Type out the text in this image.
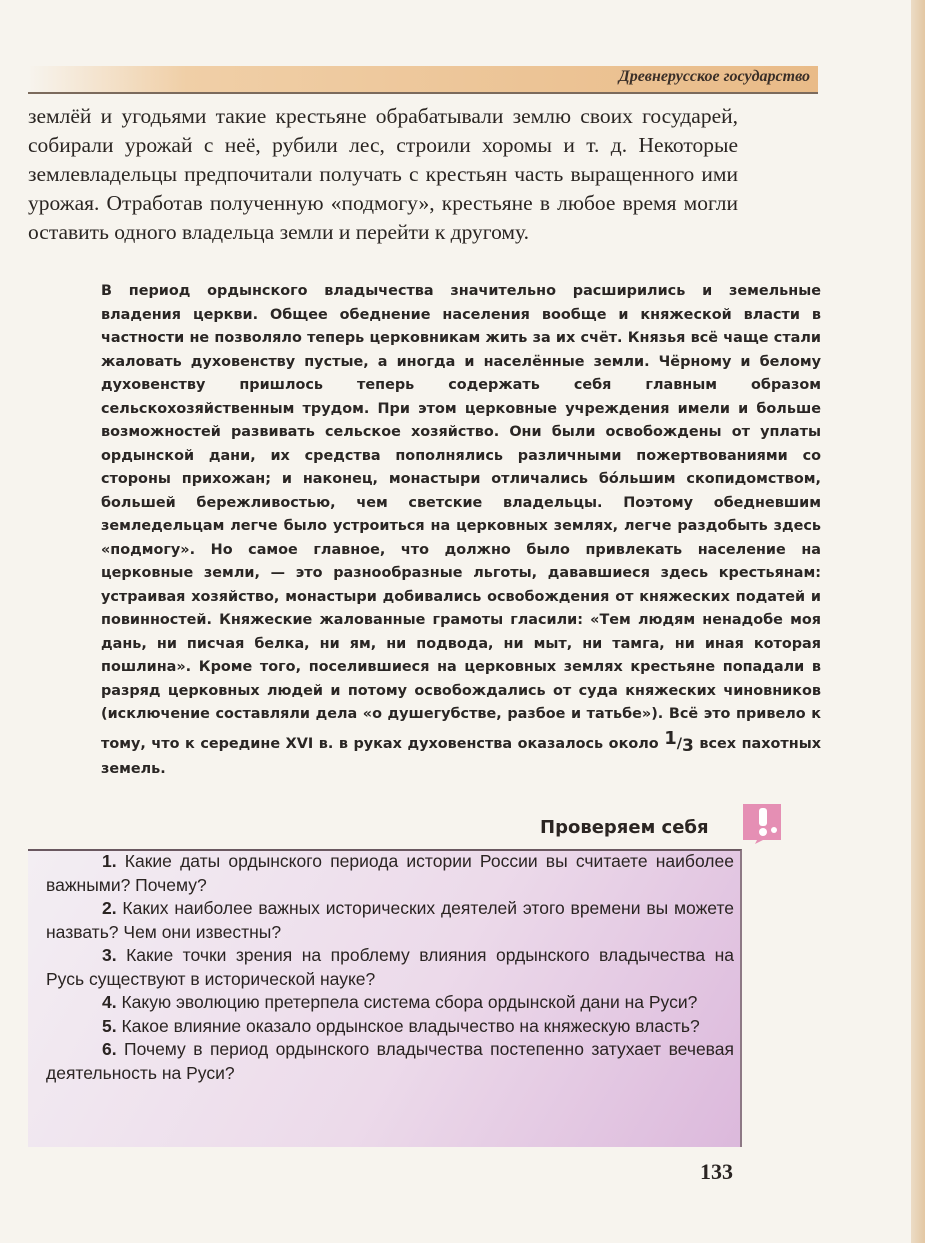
Древнерусское государство

землёй и угодьями такие крестьяне обрабатывали землю своих государей, собирали урожай с неё, рубили лес, строили хоромы и т. д. Некоторые землевладельцы предпочитали получать с крестьян часть выращенного ими урожая. Отработав полученную «подмогу», крестьяне в любое время могли оставить одного владельца земли и перейти к другому.

В период ордынского владычества значительно расширились и земельные владения церкви. Общее обеднение населения вообще и княжеской власти в частности не позволяло теперь церковникам жить за их счёт. Князья всё чаще стали жаловать духовенству пустые, а иногда и населённые земли. Чёрному и белому духовенству пришлось теперь содержать себя главным образом сельскохозяйственным трудом. При этом церковные учреждения имели и больше возможностей развивать сельское хозяйство. Они были освобождены от уплаты ордынской дани, их средства пополнялись различными пожертвованиями со стороны прихожан; и наконец, монастыри отличались бо́льшим скопидомством, большей бережливостью, чем светские владельцы. Поэтому обедневшим земледельцам легче было устроиться на церковных землях, легче раздобыть здесь «подмогу». Но самое главное, что должно было привлекать население на церковные земли, — это разнообразные льготы, дававшиеся здесь крестьянам: устраивая хозяйство, монастыри добивались освобождения от княжеских податей и повинностей. Княжеские жалованные грамоты гласили: «Тем людям ненадобе моя дань, ни писчая белка, ни ям, ни подвода, ни мыт, ни тамга, ни иная которая пошлина». Кроме того, поселившиеся на церковных землях крестьяне попадали в разряд церковных людей и потому освобождались от суда княжеских чиновников (исключение составляли дела «о душегубстве, разбое и татьбе»). Всё это привело к тому, что к середине XVI в. в руках духовенства оказалось около 1/3 всех пахотных земель.

Проверяем себя

1. Какие даты ордынского периода истории России вы считаете наиболее важными? Почему?

2. Каких наиболее важных исторических деятелей этого времени вы можете назвать? Чем они известны?

3. Какие точки зрения на проблему влияния ордынского владычества на Русь существуют в исторической науке?

4. Какую эволюцию претерпела система сбора ордынской дани на Руси?

5. Какое влияние оказало ордынское владычество на княжескую власть?

6. Почему в период ордынского владычества постепенно затухает вечевая деятельность на Руси?

133
